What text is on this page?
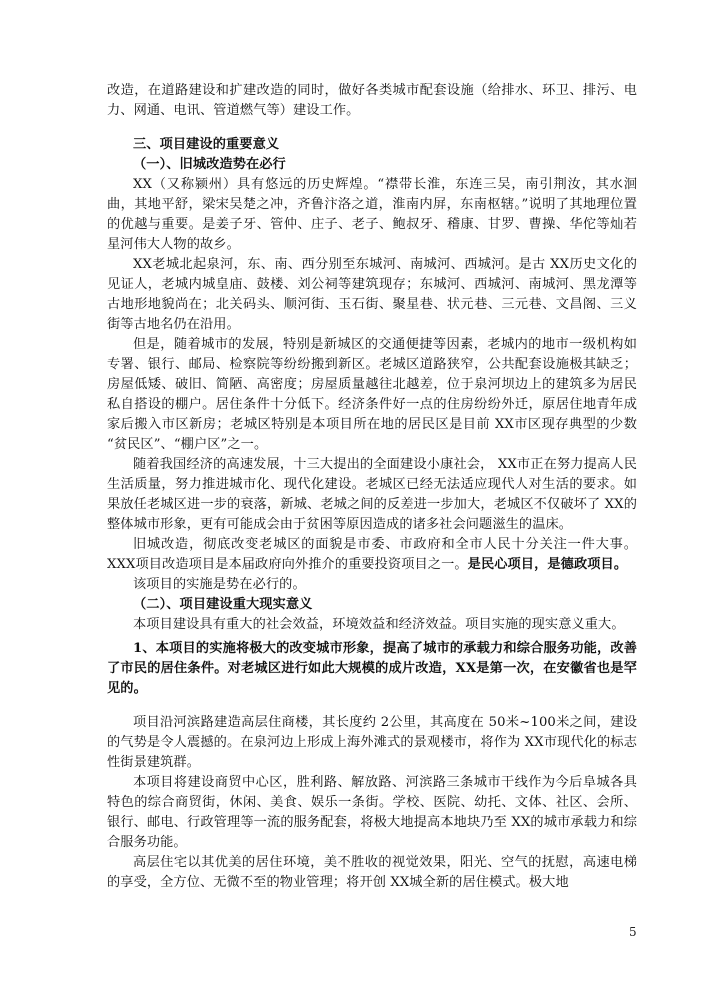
改造，在道路建设和扩建改造的同时，做好各类城市配套设施（给排水、环卫、排污、电力、网通、电讯、管道燃气等）建设工作。

三、项目建设的重要意义

（一）、旧城改造势在必行

XX（又称颍州）具有悠远的历史辉煌。“襟带长淮，东连三吴，南引荆汝，其水洄曲，其地平舒，梁宋吴楚之冲，齐鲁汴洛之道，淮南内屏，东南枢辖。”说明了其地理位置的优越与重要。是姜子牙、管仲、庄子、老子、鲍叔牙、稽康、甘罗、曹操、华佗等灿若星河伟大人物的故乡。

XX老城北起泉河，东、南、西分别至东城河、南城河、西城河。是古 XX历史文化的见证人，老城内城皇庙、鼓楼、刘公祠等建筑现存；东城河、西城河、南城河、黑龙潭等古地形地貌尚在；北关码头、顺河街、玉石街、聚星巷、状元巷、三元巷、文昌阁、三义街等古地名仍在沿用。

但是，随着城市的发展，特别是新城区的交通便捷等因素，老城内的地市一级机构如专署、银行、邮局、检察院等纷纷搬到新区。老城区道路狭窄，公共配套设施极其缺乏；房屋低矮、破旧、简陋、高密度；房屋质量越往北越差，位于泉河坝边上的建筑多为居民私自搭设的棚户。居住条件十分低下。经济条件好一点的住房纷纷外迁，原居住地青年成家后搬入市区新房；老城区特别是本项目所在地的居民区是目前 XX市区现存典型的少数 “贫民区”、“棚户区”之一。

随着我国经济的高速发展，十三大提出的全面建设小康社会， XX市正在努力提高人民生活质量，努力推进城市化、现代化建设。老城区已经无法适应现代人对生活的要求。如果放任老城区进一步的衰落，新城、老城之间的反差进一步加大，老城区不仅破坏了 XX的整体城市形象，更有可能成会由于贫困等原因造成的诸多社会问题滋生的温床。

旧城改造，彻底改变老城区的面貌是市委、市政府和全市人民十分关注一件大事。XXX项目改造项目是本届政府向外推介的重要投资项目之一。是民心项目，是德政项目。

该项目的实施是势在必行的。

（二）、项目建设重大现实意义

本项目建设具有重大的社会效益，环境效益和经济效益。项目实施的现实意义重大。

1、本项目的实施将极大的改变城市形象，提高了城市的承载力和综合服务功能，改善了市民的居住条件。对老城区进行如此大规模的成片改造，XX是第一次，在安徽省也是罕见的。

项目沿河滨路建造高层住商楼，其长度约 2公里，其高度在 50米~100米之间，建设的气势是令人震撼的。在泉河边上形成上海外滩式的景观楼市，将作为 XX市现代化的标志性街景建筑群。

本项目将建设商贸中心区，胜利路、解放路、河滨路三条城市干线作为今后阜城各具特色的综合商贸街，休闲、美食、娱乐一条街。学校、医院、幼托、文体、社区、会所、银行、邮电、行政管理等一流的服务配套，将极大地提高本地块乃至 XX的城市承载力和综合服务功能。

高层住宅以其优美的居住环境，美不胜收的视觉效果，阳光、空气的抚慰，高速电梯的享受，全方位、无微不至的物业管理；将开创 XX城全新的居住模式。极大地

5
